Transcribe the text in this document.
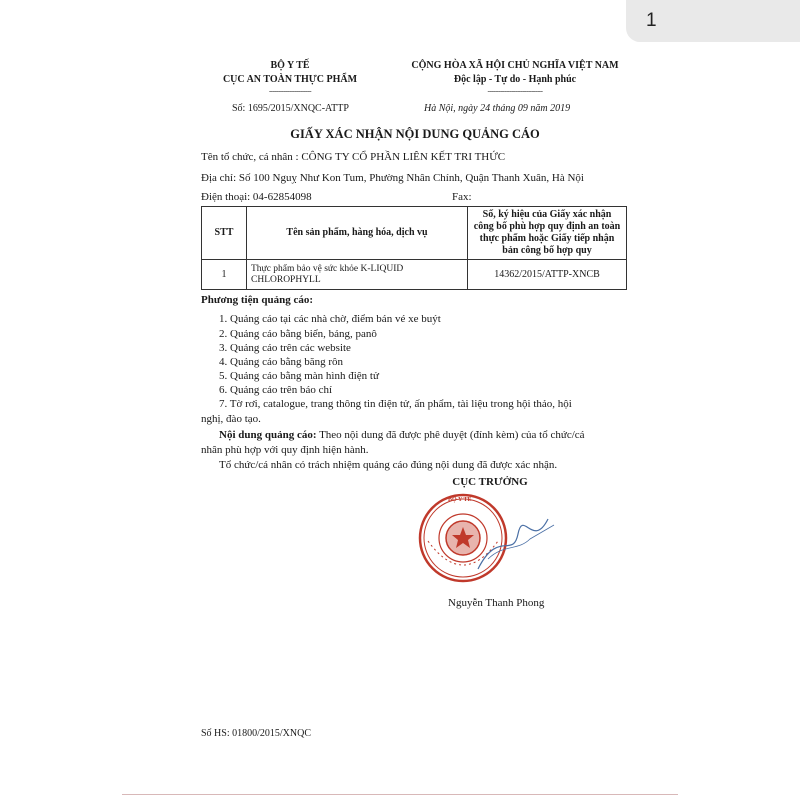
1
BỘ Y TẾ
CỤC AN TOÀN THỰC PHẨM
-----------------------
CỘNG HÒA XÃ HỘI CHỦ NGHĨA VIỆT NAM
Độc lập - Tự do - Hạnh phúc
------------------------------
Số: 1695/2015/XNQC-ATTP	Hà Nội, ngày 24 tháng 09 năm 2019
GIẤY XÁC NHẬN NỘI DUNG QUẢNG CÁO
Tên tổ chức, cá nhân : CÔNG TY CỔ PHẦN LIÊN KẾT TRI THỨC
Địa chỉ: Số 100 Nguỵ Như Kon Tum, Phường Nhân Chính, Quận Thanh Xuân, Hà Nội
Điện thoại: 04-62854098	Fax:
STT	Tên sản phẩm, hàng hóa, dịch vụ	Số, ký hiệu của Giấy xác nhận công bố phù hợp quy định an toàn thực phẩm hoặc Giấy tiếp nhận bản công bố hợp quy
1	Thực phẩm bảo vệ sức khỏe K-LIQUID CHLOROPHYLL	14362/2015/ATTP-XNCB
Phương tiện quảng cáo:
1. Quảng cáo tại các nhà chờ, điểm bán vé xe buýt
2. Quảng cáo bằng biển, bảng, panô
3. Quảng cáo trên các website
4. Quảng cáo bằng băng rôn
5. Quảng cáo bằng màn hình điện tử
6. Quảng cáo trên báo chí
7. Tờ rơi, catalogue, trang thông tin điện tử, ấn phẩm, tài liệu trong hội thảo, hội
nghị, đào tạo.
Nội dung quảng cáo: Theo nội dung đã được phê duyệt (đính kèm) của tổ chức/cá
nhân phù hợp với quy định hiện hành.
Tổ chức/cá nhân có trách nhiệm quảng cáo đúng nội dung đã được xác nhận.
CỤC TRƯỞNG
BỘ Y TẾ
Nguyễn Thanh Phong
Số HS: 01800/2015/XNQC
